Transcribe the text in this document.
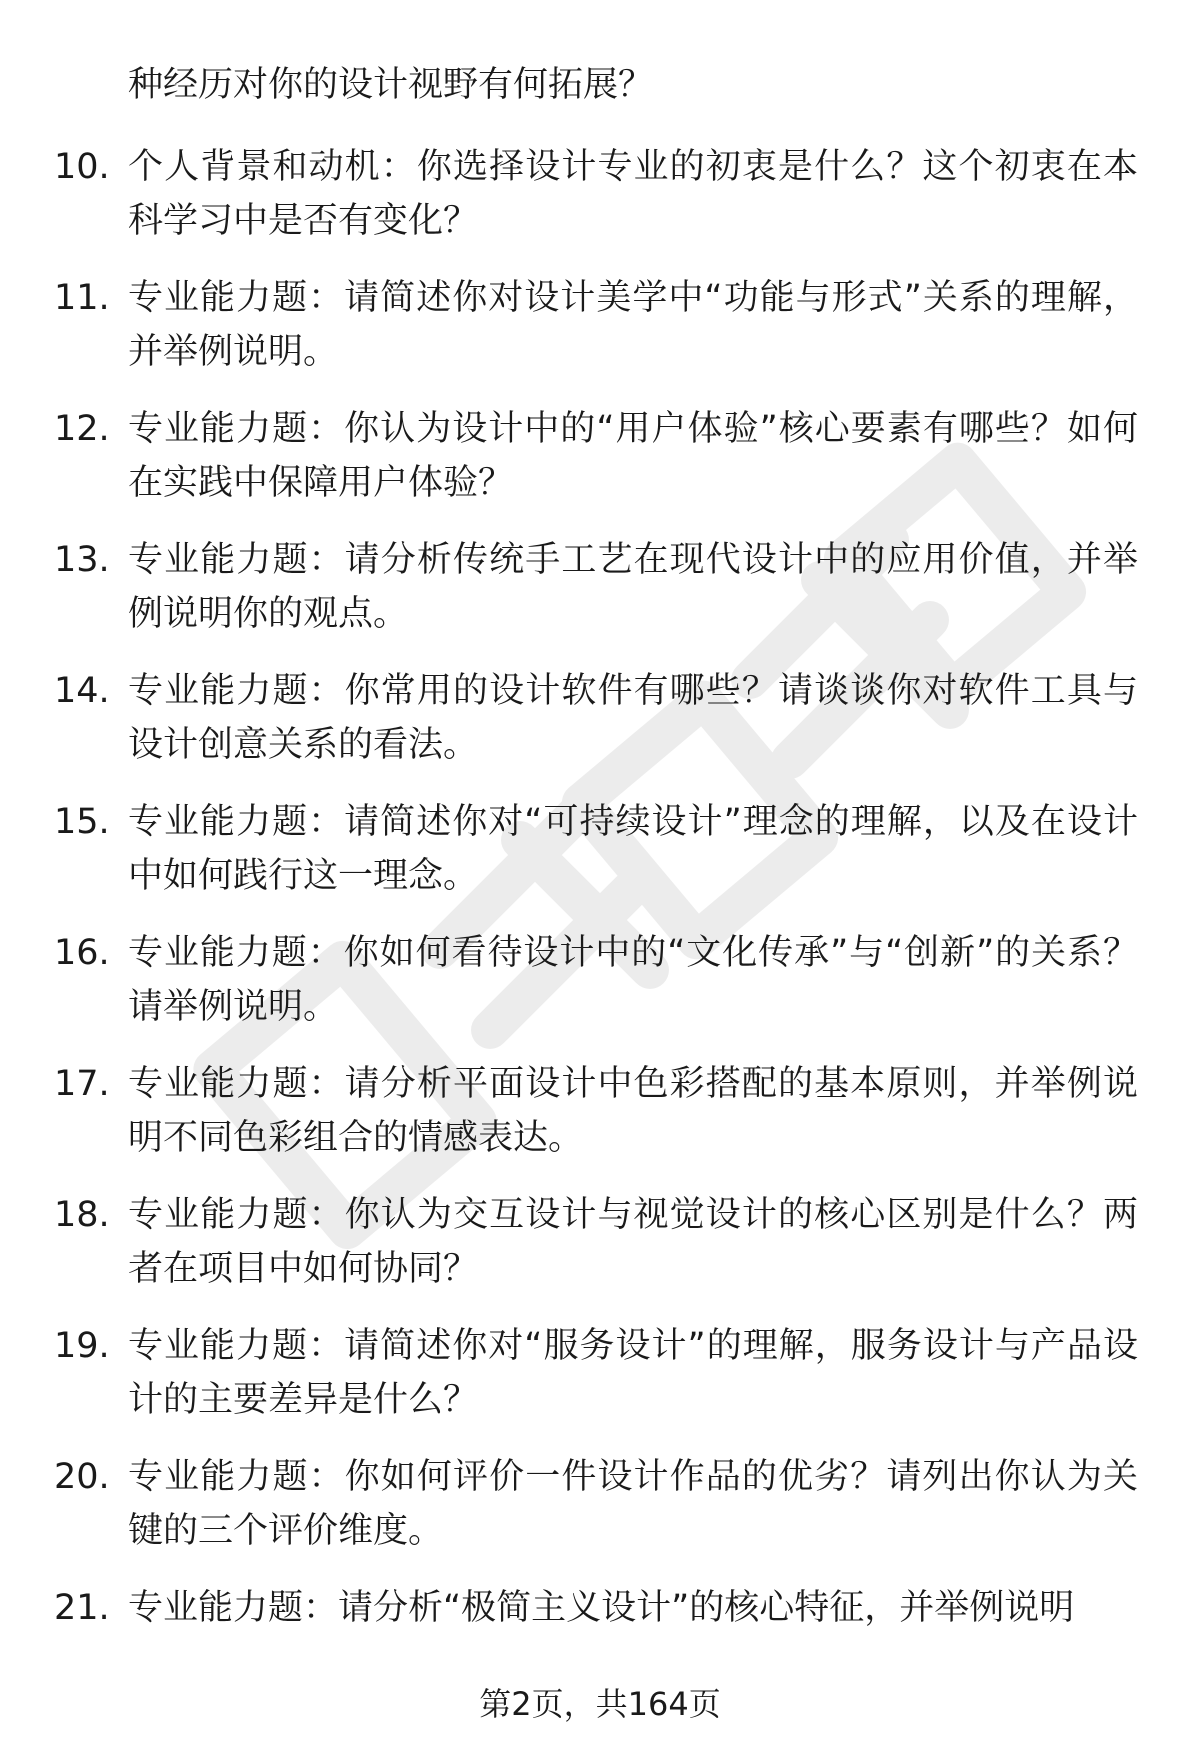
种经历对你的设计视野有何拓展？
10. 个人背景和动机：你选择设计专业的初衷是什么？这个初衷在本科学习中是否有变化？
11. 专业能力题：请简述你对设计美学中“功能与形式”关系的理解，并举例说明。
12. 专业能力题：你认为设计中的“用户体验”核心要素有哪些？如何在实践中保障用户体验？
13. 专业能力题：请分析传统手工艺在现代设计中的应用价值，并举例说明你的观点。
14. 专业能力题：你常用的设计软件有哪些？请谈谈你对软件工具与设计创意关系的看法。
15. 专业能力题：请简述你对“可持续设计”理念的理解，以及在设计中如何践行这一理念。
16. 专业能力题：你如何看待设计中的“文化传承”与“创新”的关系？请举例说明。
17. 专业能力题：请分析平面设计中色彩搭配的基本原则，并举例说明不同色彩组合的情感表达。
18. 专业能力题：你认为交互设计与视觉设计的核心区别是什么？两者在项目中如何协同？
19. 专业能力题：请简述你对“服务设计”的理解，服务设计与产品设计的主要差异是什么？
20. 专业能力题：你如何评价一件设计作品的优劣？请列出你认为关键的三个评价维度。
21. 专业能力题：请分析“极简主义设计”的核心特征，并举例说明
第2页，共164页
